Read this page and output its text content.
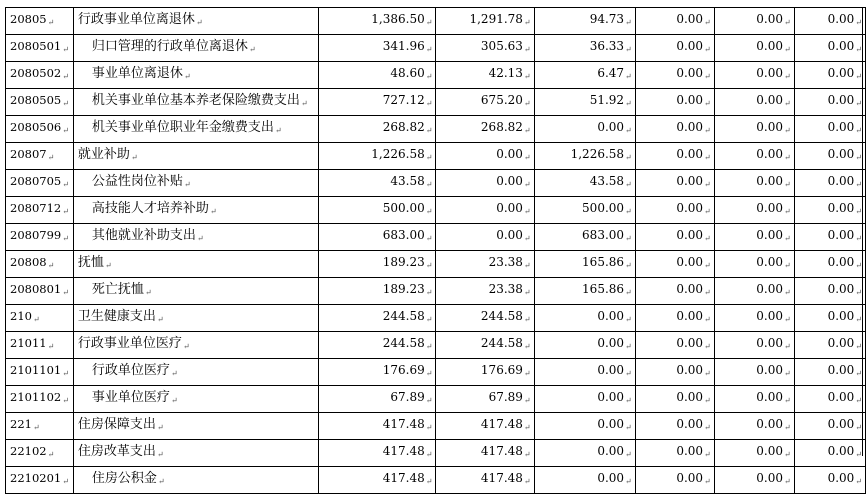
20805↵	行政事业单位离退休↵	1,386.50↵	1,291.78↵	94.73↵	0.00↵	0.00↵	0.00↵
2080501↵	归口管理的行政单位离退休↵	341.96↵	305.63↵	36.33↵	0.00↵	0.00↵	0.00↵
2080502↵	事业单位离退休↵	48.60↵	42.13↵	6.47↵	0.00↵	0.00↵	0.00↵
2080505↵	机关事业单位基本养老保险缴费支出↵	727.12↵	675.20↵	51.92↵	0.00↵	0.00↵	0.00↵
2080506↵	机关事业单位职业年金缴费支出↵	268.82↵	268.82↵	0.00↵	0.00↵	0.00↵	0.00↵
20807↵	就业补助↵	1,226.58↵	0.00↵	1,226.58↵	0.00↵	0.00↵	0.00↵
2080705↵	公益性岗位补贴↵	43.58↵	0.00↵	43.58↵	0.00↵	0.00↵	0.00↵
2080712↵	高技能人才培养补助↵	500.00↵	0.00↵	500.00↵	0.00↵	0.00↵	0.00↵
2080799↵	其他就业补助支出↵	683.00↵	0.00↵	683.00↵	0.00↵	0.00↵	0.00↵
20808↵	抚恤↵	189.23↵	23.38↵	165.86↵	0.00↵	0.00↵	0.00↵
2080801↵	死亡抚恤↵	189.23↵	23.38↵	165.86↵	0.00↵	0.00↵	0.00↵
210↵	卫生健康支出↵	244.58↵	244.58↵	0.00↵	0.00↵	0.00↵	0.00↵
21011↵	行政事业单位医疗↵	244.58↵	244.58↵	0.00↵	0.00↵	0.00↵	0.00↵
2101101↵	行政单位医疗↵	176.69↵	176.69↵	0.00↵	0.00↵	0.00↵	0.00↵
2101102↵	事业单位医疗↵	67.89↵	67.89↵	0.00↵	0.00↵	0.00↵	0.00↵
221↵	住房保障支出↵	417.48↵	417.48↵	0.00↵	0.00↵	0.00↵	0.00↵
22102↵	住房改革支出↵	417.48↵	417.48↵	0.00↵	0.00↵	0.00↵	0.00↵
2210201↵	住房公积金↵	417.48↵	417.48↵	0.00↵	0.00↵	0.00↵	0.00↵
